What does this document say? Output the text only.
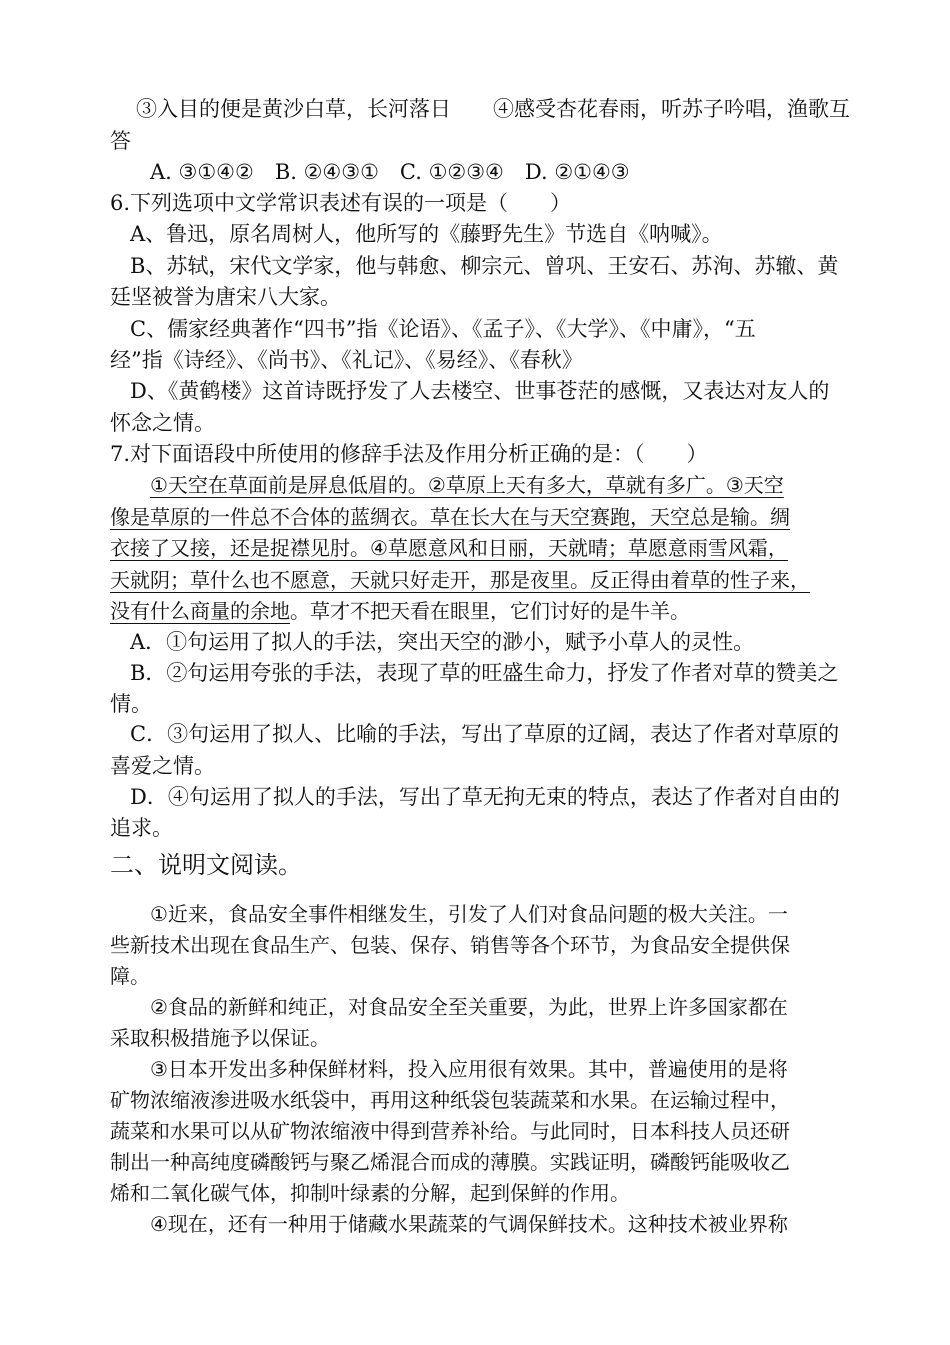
③入目的便是黄沙白草，长河落日　　④感受杏花春雨，听苏子吟唱，渔歌互
答
A. ③①④②　B. ②④③①　C. ①②③④　D. ②①④③
6.下列选项中文学常识表述有误的一项是（　　）
A、鲁迅，原名周树人，他所写的《藤野先生》节选自《呐喊》。
B、苏轼，宋代文学家，他与韩愈、柳宗元、曾巩、王安石、苏洵、苏辙、黄
廷坚被誉为唐宋八大家。
C、儒家经典著作“四书”指《论语》、《孟子》、《大学》、《中庸》，“五
经”指《诗经》、《尚书》、《礼记》、《易经》、《春秋》
D、《黄鹤楼》这首诗既抒发了人去楼空、世事苍茫的感慨，又表达对友人的
怀念之情。
7.对下面语段中所使用的修辞手法及作用分析正确的是：（　　）
①天空在草面前是屏息低眉的。②草原上天有多大，草就有多广。③天空
像是草原的一件总不合体的蓝绸衣。草在长大在与天空赛跑，天空总是输。绸
衣接了又接，还是捉襟见肘。④草愿意风和日丽，天就晴；草愿意雨雪风霜，
天就阴；草什么也不愿意，天就只好走开，那是夜里。反正得由着草的性子来，
没有什么商量的余地。草才不把天看在眼里，它们讨好的是牛羊。
A．①句运用了拟人的手法，突出天空的渺小，赋予小草人的灵性。
B．②句运用夸张的手法，表现了草的旺盛生命力，抒发了作者对草的赞美之
情。
C．③句运用了拟人、比喻的手法，写出了草原的辽阔，表达了作者对草原的
喜爱之情。
D．④句运用了拟人的手法，写出了草无拘无束的特点，表达了作者对自由的
追求。
二、说明文阅读。
①近来，食品安全事件相继发生，引发了人们对食品问题的极大关注。一
些新技术出现在食品生产、包装、保存、销售等各个环节，为食品安全提供保
障。
②食品的新鲜和纯正，对食品安全至关重要，为此，世界上许多国家都在
采取积极措施予以保证。
③日本开发出多种保鲜材料，投入应用很有效果。其中，普遍使用的是将
矿物浓缩液渗进吸水纸袋中，再用这种纸袋包装蔬菜和水果。在运输过程中，
蔬菜和水果可以从矿物浓缩液中得到营养补给。与此同时，日本科技人员还研
制出一种高纯度磷酸钙与聚乙烯混合而成的薄膜。实践证明，磷酸钙能吸收乙
烯和二氧化碳气体，抑制叶绿素的分解，起到保鲜的作用。
④现在，还有一种用于储藏水果蔬菜的气调保鲜技术。这种技术被业界称
